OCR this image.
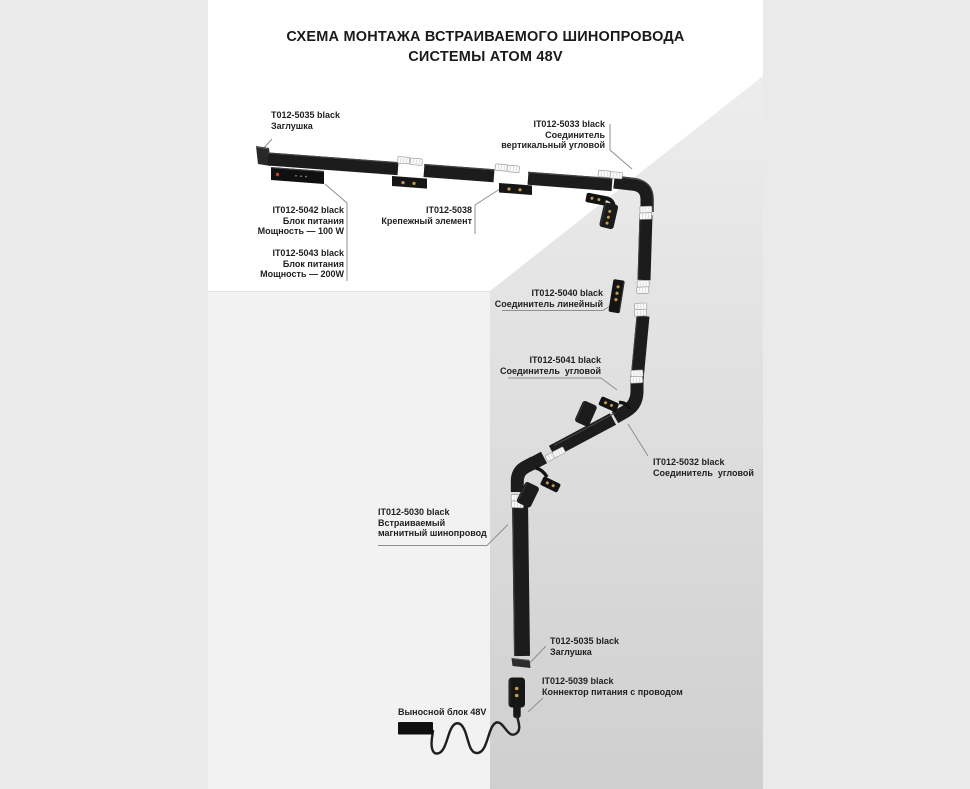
СХЕМА МОНТАЖА ВСТРАИВАЕМОГО ШИНОПРОВОДА
СИСТЕМЫ АТОМ 48V
T012-5035 black
Заглушка
IT012-5042 black
Блок питания
Мощность — 100 W
IT012-5043 black
Блок питания
Мощность — 200W
IT012-5038
Крепежный элемент
IT012-5033 black
Соединитель
вертикальный угловой
IT012-5040 black
Соединитель линейный
IT012-5041 black
Соединитель  угловой
IT012-5032 black
Соединитель  угловой
IT012-5030 black
Встраиваемый
магнитный шинопровод
T012-5035 black
Заглушка
IT012-5039 black
Коннектор питания с проводом
Выносной блок 48V
